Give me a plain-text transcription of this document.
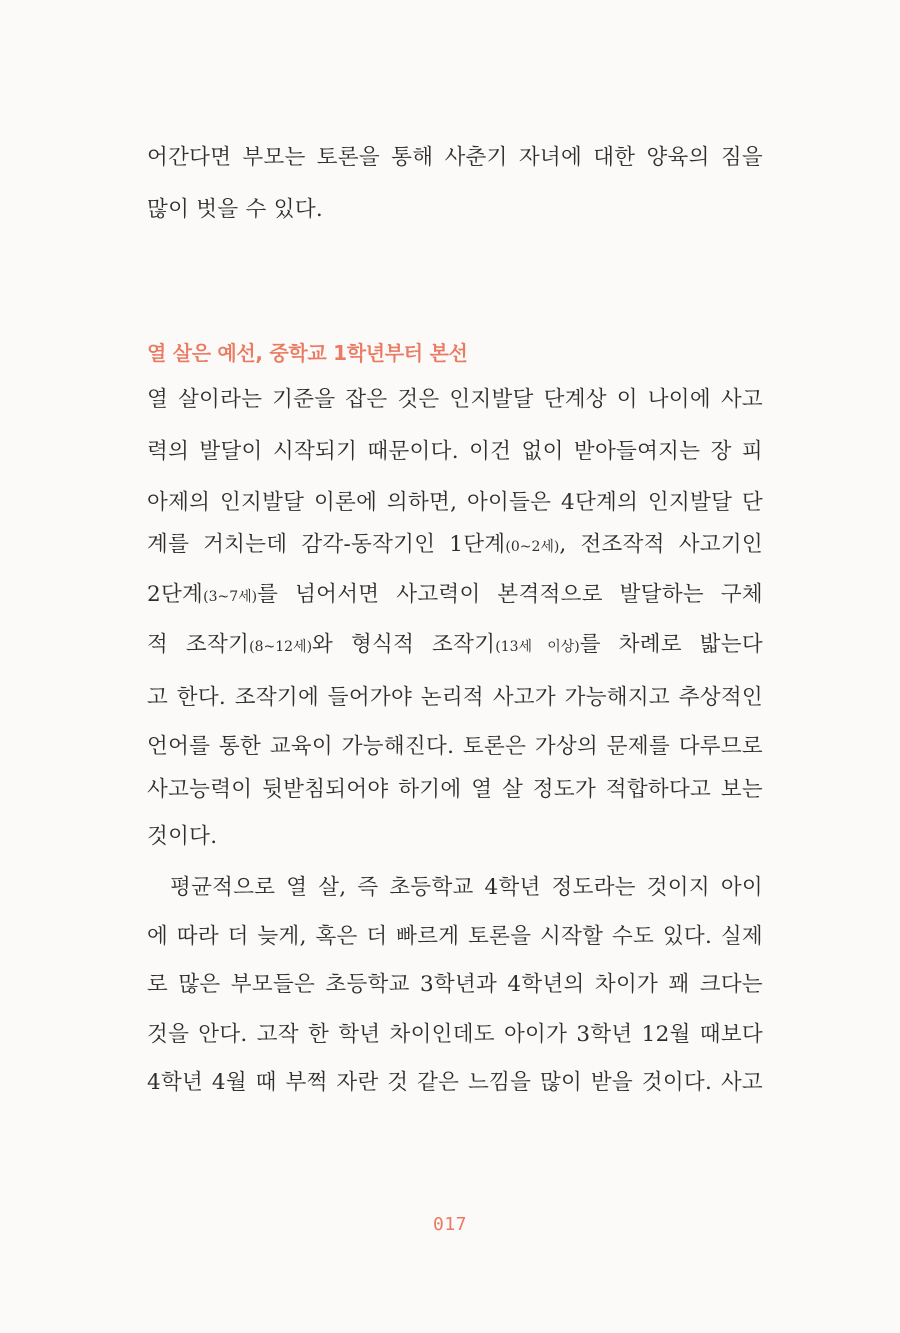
어간다면 부모는 토론을 통해 사춘기 자녀에 대한 양육의 짐을
많이 벗을 수 있다.
열 살은 예선, 중학교 1학년부터 본선
열 살이라는 기준을 잡은 것은 인지발달 단계상 이 나이에 사고
력의 발달이 시작되기 때문이다. 이건 없이 받아들여지는 장 피
아제의 인지발달 이론에 의하면, 아이들은 4단계의 인지발달 단
계를 거치는데 감각-동작기인 1단계(0~2세), 전조작적 사고기인
2단계(3~7세)를 넘어서면 사고력이 본격적으로 발달하는 구체
적 조작기(8~12세)와 형식적 조작기(13세 이상)를 차례로 밟는다
고 한다. 조작기에 들어가야 논리적 사고가 가능해지고 추상적인
언어를 통한 교육이 가능해진다. 토론은 가상의 문제를 다루므로
사고능력이 뒷받침되어야 하기에 열 살 정도가 적합하다고 보는
것이다.
평균적으로 열 살, 즉 초등학교 4학년 정도라는 것이지 아이
에 따라 더 늦게, 혹은 더 빠르게 토론을 시작할 수도 있다. 실제
로 많은 부모들은 초등학교 3학년과 4학년의 차이가 꽤 크다는
것을 안다. 고작 한 학년 차이인데도 아이가 3학년 12월 때보다
4학년 4월 때 부쩍 자란 것 같은 느낌을 많이 받을 것이다. 사고
017
